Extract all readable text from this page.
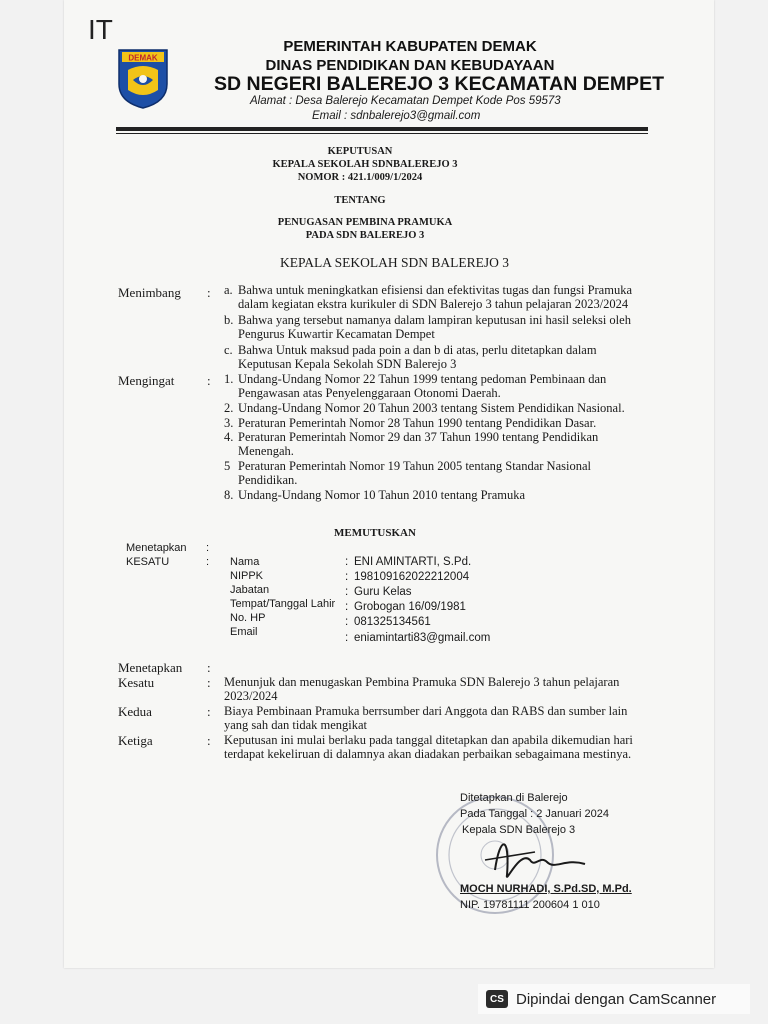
IT
DEMAK
PEMERINTAH KABUPATEN DEMAK
DINAS PENDIDIKAN DAN KEBUDAYAAN
SD NEGERI BALEREJO 3 KECAMATAN DEMPET
Alamat : Desa Balerejo Kecamatan Dempet Kode Pos 59573
Email : sdnbalerejo3@gmail.com
KEPUTUSAN
KEPALA SEKOLAH SDNBALEREJO 3
NOMOR : 421.1/009/1/2024
TENTANG
PENUGASAN PEMBINA PRAMUKA
PADA SDN BALEREJO 3
KEPALA SEKOLAH SDN BALEREJO 3
Menimbang : a. Bahwa untuk meningkatkan efisiensi dan efektivitas tugas dan fungsi Pramuka
dalam kegiatan ekstra kurikuler di SDN Balerejo 3 tahun pelajaran 2023/2024
b. Bahwa yang tersebut namanya dalam lampiran keputusan ini hasil seleksi oleh
Pengurus Kuwartir Kecamatan Dempet
c. Bahwa Untuk maksud pada poin a dan b di atas, perlu ditetapkan dalam
Keputusan Kepala Sekolah SDN Balerejo 3
Mengingat	: 1. Undang-Undang Nomor 22 Tahun 1999 tentang pedoman Pembinaan dan
Pengawasan atas Penyelenggaraan Otonomi Daerah.
2. Undang-Undang Nomor 20 Tahun 2003 tentang Sistem Pendidikan Nasional.
3. Peraturan Pemerintah Nomor 28 Tahun 1990 tentang Pendidikan Dasar.
4. Peraturan Pemerintah Nomor 29 dan 37 Tahun 1990 tentang Pendidikan
Menengah.
5 Peraturan Pemerintah Nomor 19 Tahun 2005 tentang Standar Nasional
Pendidikan.
8. Undang-Undang Nomor 10 Tahun 2010 tentang Pramuka
MEMUTUSKAN
Menetapkan :
KESATU	: Nama	: ENI AMINTARTI, S.Pd.
NIPPK	: 198109162022212004
Jabatan	: Guru Kelas
Tempat/Tanggal Lahir : Grobogan 16/09/1981
No. HP	: 081325134561
Email	: eniamintarti83@gmail.com
Menetapkan :
Kesatu	: Menunjuk dan menugaskan Pembina Pramuka SDN Balerejo 3 tahun pelajaran
2023/2024
Kedua	: Biaya Pembinaan Pramuka berrsumber dari Anggota dan RABS dan sumber lain
yang sah dan tidak mengikat
Ketiga	: Keputusan ini mulai berlaku pada tanggal ditetapkan dan apabila dikemudian hari
terdapat kekeliruan di dalamnya akan diadakan perbaikan sebagaimana mestinya.
Ditetapkan di Balerejo
Pada Tanggal : 2 Januari 2024
Kepala SDN Balerejo 3
MOCH NURHADI, S.Pd.SD, M.Pd.
NIP. 19781111 200604 1 010
CS Dipindai dengan CamScanner
